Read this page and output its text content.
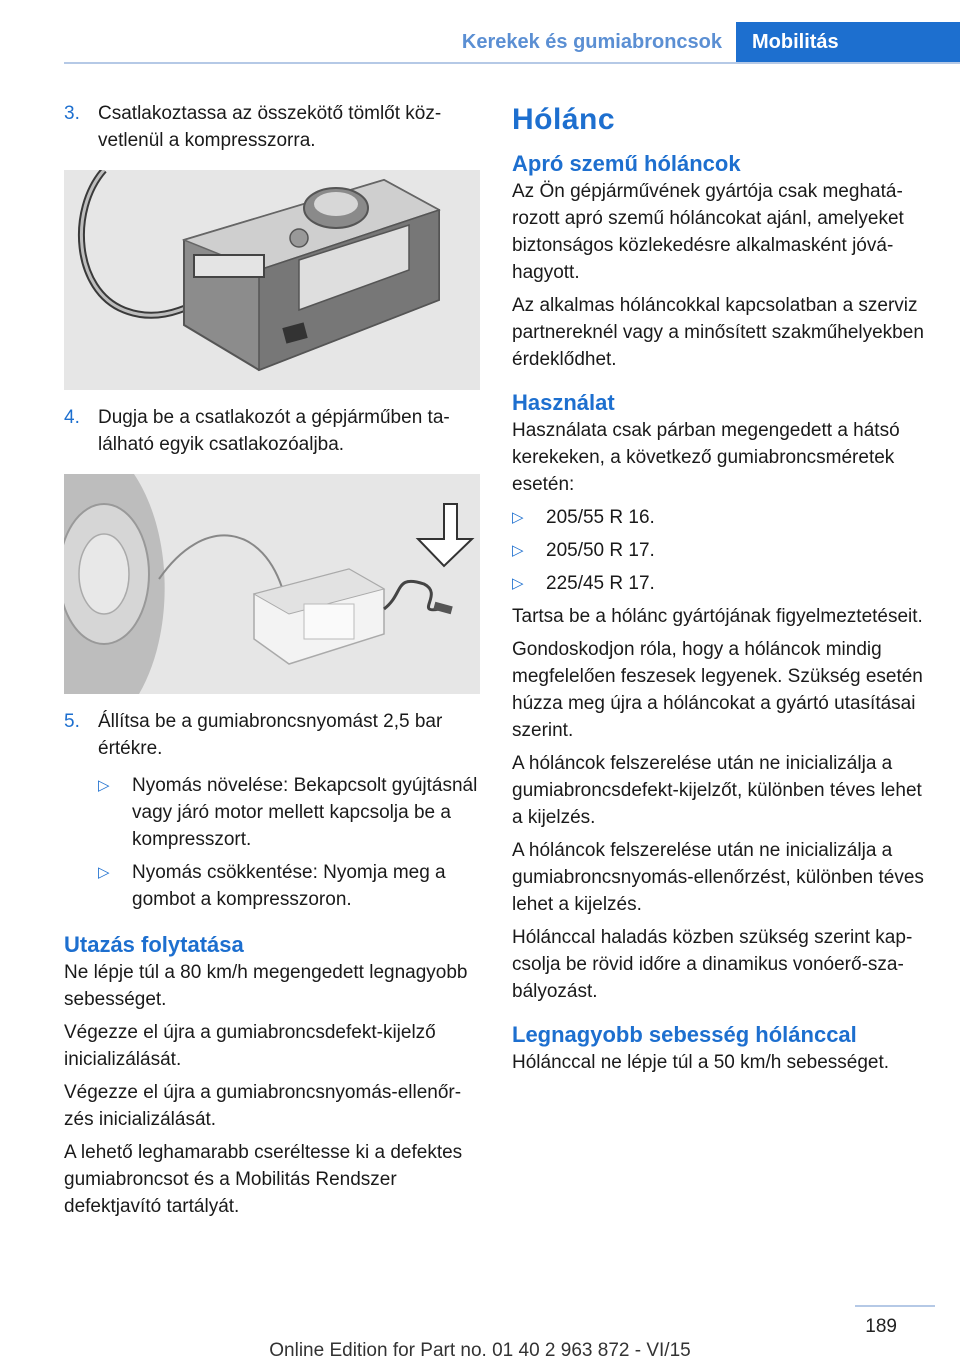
Kerekek és gumiabroncsok	Mobilitás
3. Csatlakoztassa az összekötő tömlőt közvetlenül a kompresszorra.
4. Dugja be a csatlakozót a gépjárműben található egyik csatlakozóaljba.
5. Állítsa be a gumiabroncsnyomást 2,5 bar értékre.
▷ Nyomás növelése: Bekapcsolt gyújtásnál vagy járó motor mellett kapcsolja be a kompresszort.
▷ Nyomás csökkentése: Nyomja meg a gombot a kompresszoron.
Utazás folytatása

Ne lépje túl a 80 km/h megengedett legnagyobb sebességet.

Végezze el újra a gumiabroncsdefekt-kijelző inicializálását.

Végezze el újra a gumiabroncsnyomás-ellenőrzés inicializálását.

A lehető leghamarabb cseréltesse ki a defektes gumiabroncsot és a Mobilitás Rendszer defektjavító tartályát.

Hólánc
Apró szemű hóláncok

Az Ön gépjárművének gyártója csak meghatározott apró szemű hóláncokat ajánl, amelyeket biztonságos közlekedésre alkalmasként jóváhagyott.

Az alkalmas hóláncokkal kapcsolatban a szerviz partnereknél vagy a minősített szakműhelyekben érdeklődhet.

Használat

Használata csak párban megengedett a hátsó kerekeken, a következő gumiabroncsméretek esetén:

▷ 205/55 R 16.
▷ 205/50 R 17.
▷ 225/45 R 17.

Tartsa be a hólánc gyártójának figyelmeztetéseit.

Gondoskodjon róla, hogy a hóláncok mindig megfelelően feszesek legyenek. Szükség esetén húzza meg újra a hóláncokat a gyártó utasításai szerint.

A hóláncok felszerelése után ne inicializálja a gumiabroncsdefekt-kijelzőt, különben téves lehet a kijelzés.

A hóláncok felszerelése után ne inicializálja a gumiabroncsnyomás-ellenőrzést, különben téves lehet a kijelzés.

Hólánccal haladás közben szükség szerint kapcsolja be rövid időre a dinamikus vonóerő-szabályozást.

Legnagyobb sebesség hólánccal

Hólánccal ne lépje túl a 50 km/h sebességet.

189
Online Edition for Part no. 01 40 2 963 872 - VI/15
